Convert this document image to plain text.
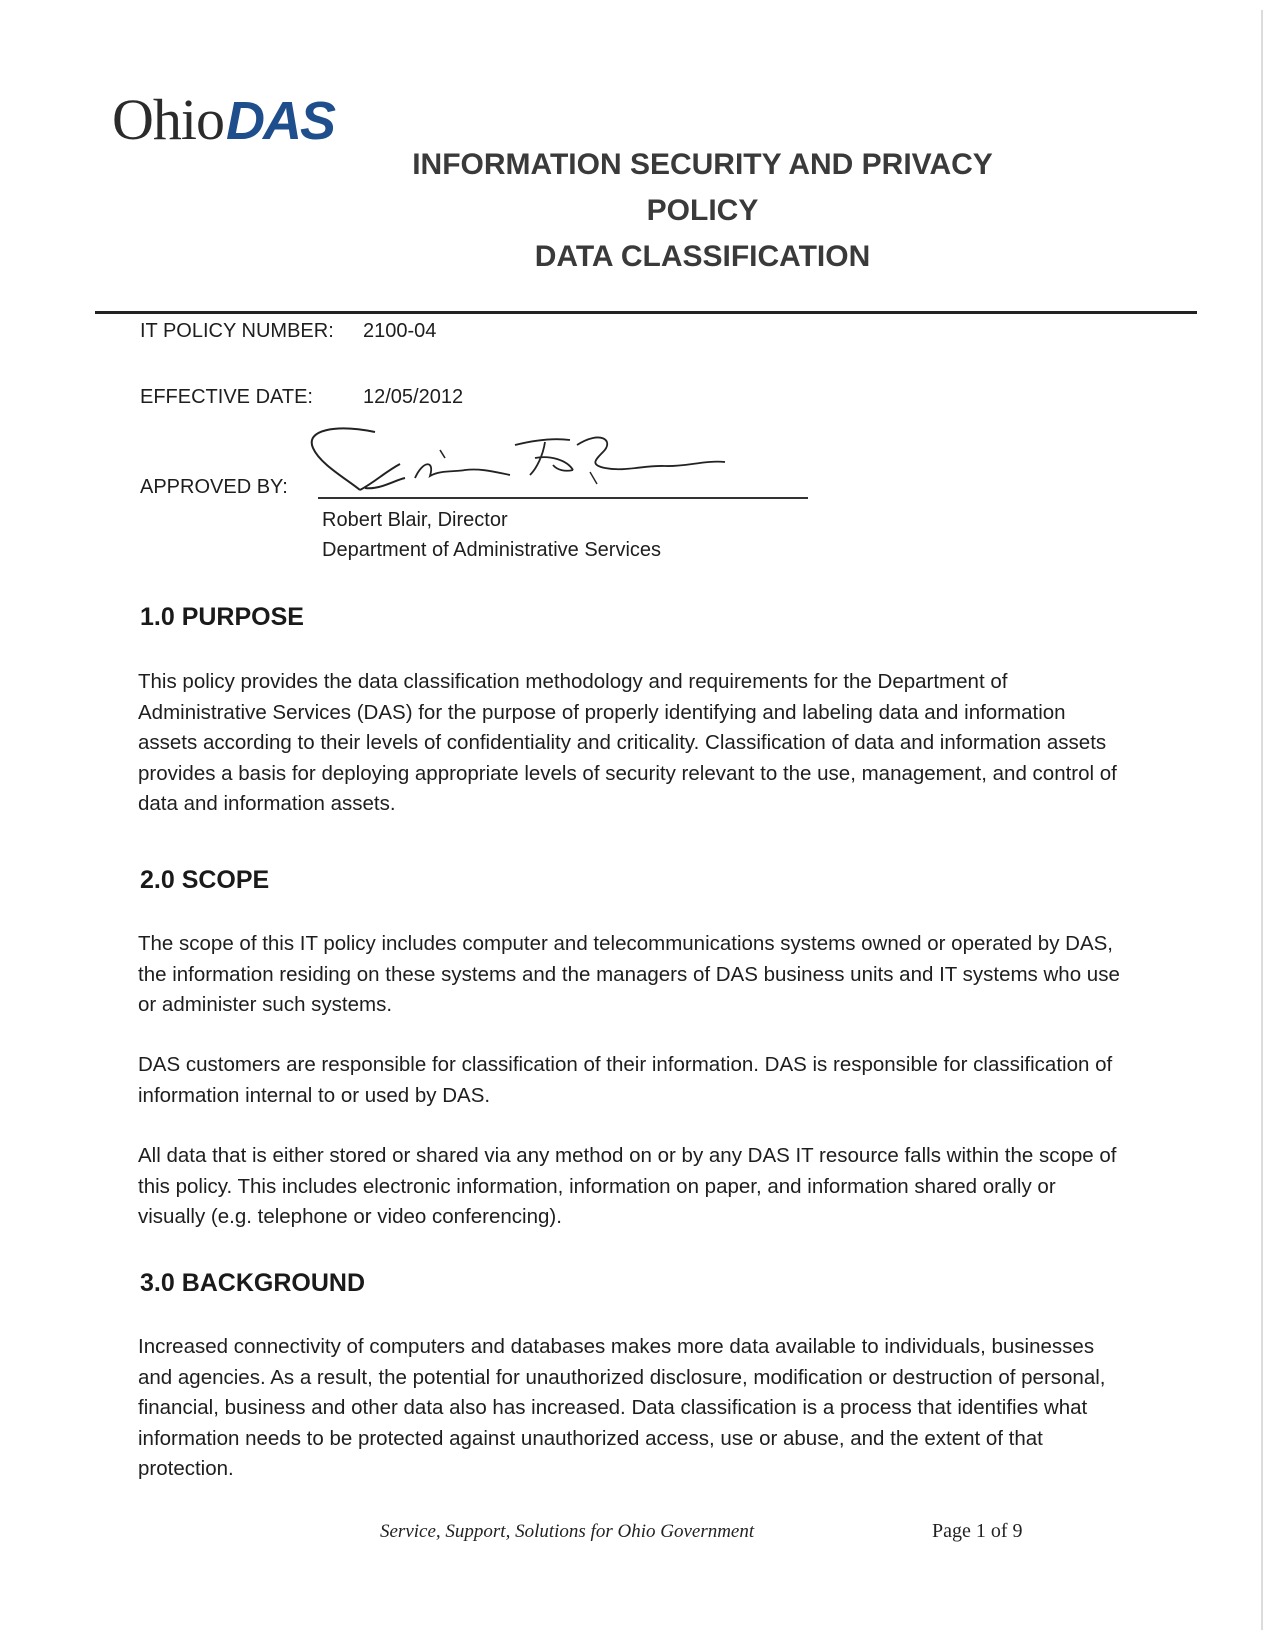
Ohio DAS
INFORMATION SECURITY AND PRIVACY
POLICY
DATA CLASSIFICATION
IT POLICY NUMBER: 2100-04
EFFECTIVE DATE:	12/05/2012
APPROVED BY:
Robert Blair, Director
Department of Administrative Services
1.0 PURPOSE
This policy provides the data classification methodology and requirements for the Department of Administrative Services (DAS) for the purpose of properly identifying and labeling data and information assets according to their levels of confidentiality and criticality. Classification of data and information assets provides a basis for deploying appropriate levels of security relevant to the use, management, and control of data and information assets.
2.0 SCOPE
The scope of this IT policy includes computer and telecommunications systems owned or operated by DAS, the information residing on these systems and the managers of DAS business units and IT systems who use or administer such systems.
DAS customers are responsible for classification of their information. DAS is responsible for classification of information internal to or used by DAS.
All data that is either stored or shared via any method on or by any DAS IT resource falls within the scope of this policy. This includes electronic information, information on paper, and information shared orally or visually (e.g. telephone or video conferencing).
3.0 BACKGROUND
Increased connectivity of computers and databases makes more data available to individuals, businesses and agencies. As a result, the potential for unauthorized disclosure, modification or destruction of personal, financial, business and other data also has increased. Data classification is a process that identifies what information needs to be protected against unauthorized access, use or abuse, and the extent of that protection.
Service, Support, Solutions for Ohio Government	Page 1 of 9
